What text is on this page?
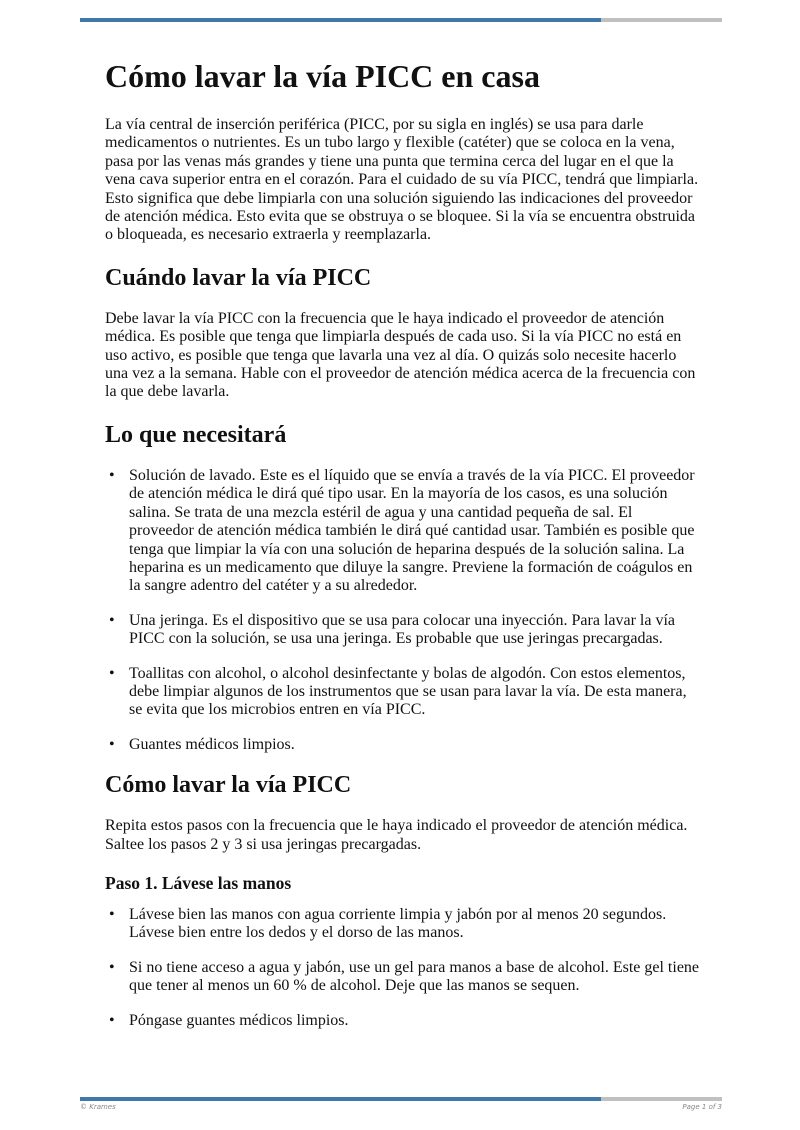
Cómo lavar la vía PICC en casa

La vía central de inserción periférica (PICC, por su sigla en inglés) se usa para darle medicamentos o nutrientes. Es un tubo largo y flexible (catéter) que se coloca en la vena, pasa por las venas más grandes y tiene una punta que termina cerca del lugar en el que la vena cava superior entra en el corazón. Para el cuidado de su vía PICC, tendrá que limpiarla. Esto significa que debe limpiarla con una solución siguiendo las indicaciones del proveedor de atención médica. Esto evita que se obstruya o se bloquee. Si la vía se encuentra obstruida o bloqueada, es necesario extraerla y reemplazarla.

Cuándo lavar la vía PICC

Debe lavar la vía PICC con la frecuencia que le haya indicado el proveedor de atención médica. Es posible que tenga que limpiarla después de cada uso. Si la vía PICC no está en uso activo, es posible que tenga que lavarla una vez al día. O quizás solo necesite hacerlo una vez a la semana. Hable con el proveedor de atención médica acerca de la frecuencia con la que debe lavarla.

Lo que necesitará
• Solución de lavado. Este es el líquido que se envía a través de la vía PICC. El proveedor de atención médica le dirá qué tipo usar. En la mayoría de los casos, es una solución salina. Se trata de una mezcla estéril de agua y una cantidad pequeña de sal. El proveedor de atención médica también le dirá qué cantidad usar. También es posible que tenga que limpiar la vía con una solución de heparina después de la solución salina. La heparina es un medicamento que diluye la sangre. Previene la formación de coágulos en la sangre adentro del catéter y a su alrededor.
• Una jeringa. Es el dispositivo que se usa para colocar una inyección. Para lavar la vía PICC con la solución, se usa una jeringa. Es probable que use jeringas precargadas.
• Toallitas con alcohol, o alcohol desinfectante y bolas de algodón. Con estos elementos, debe limpiar algunos de los instrumentos que se usan para lavar la vía. De esta manera, se evita que los microbios entren en vía PICC.
• Guantes médicos limpios.
Cómo lavar la vía PICC

Repita estos pasos con la frecuencia que le haya indicado el proveedor de atención médica. Saltee los pasos 2 y 3 si usa jeringas precargadas.

Paso 1. Lávese las manos
• Lávese bien las manos con agua corriente limpia y jabón por al menos 20 segundos. Lávese bien entre los dedos y el dorso de las manos.
• Si no tiene acceso a agua y jabón, use un gel para manos a base de alcohol. Este gel tiene que tener al menos un 60 % de alcohol. Deje que las manos se sequen.
• Póngase guantes médicos limpios.
© Krames	Page 1 of 3
